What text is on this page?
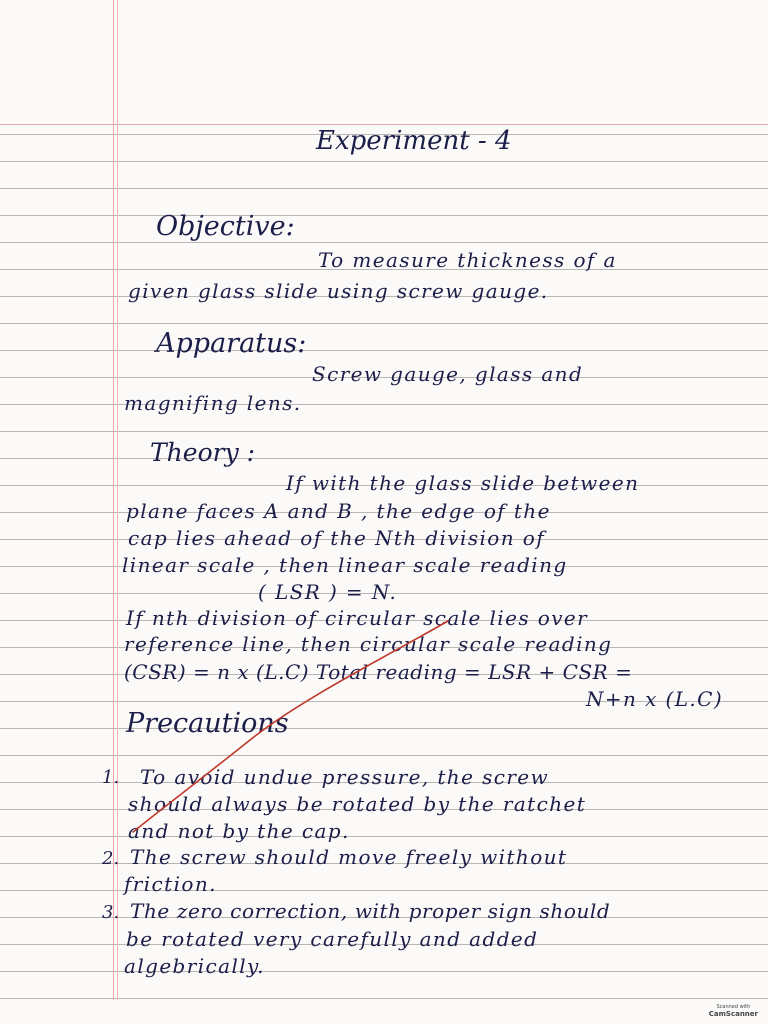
Experiment - 4
Objective:
To measure thickness of a
given glass slide using screw gauge.
Apparatus:
Screw gauge, glass and
magnifing lens.
Theory :
If with the glass slide between
plane faces A and B , the edge of the
cap lies ahead of the Nth division of
linear scale , then linear scale reading
( LSR ) = N.
If nth division of circular scale lies over
reference line, then circular scale reading
(CSR) = n x (L.C) Total reading = LSR + CSR =
N+n x (L.C)
Precautions
1. To avoid undue pressure, the screw
should always be rotated by the ratchet
and not by the cap.
2. The screw should move freely without
friction.
3. The zero correction, with proper sign should
be rotated very carefully and added
algebrically.
Scanned with
CamScanner
